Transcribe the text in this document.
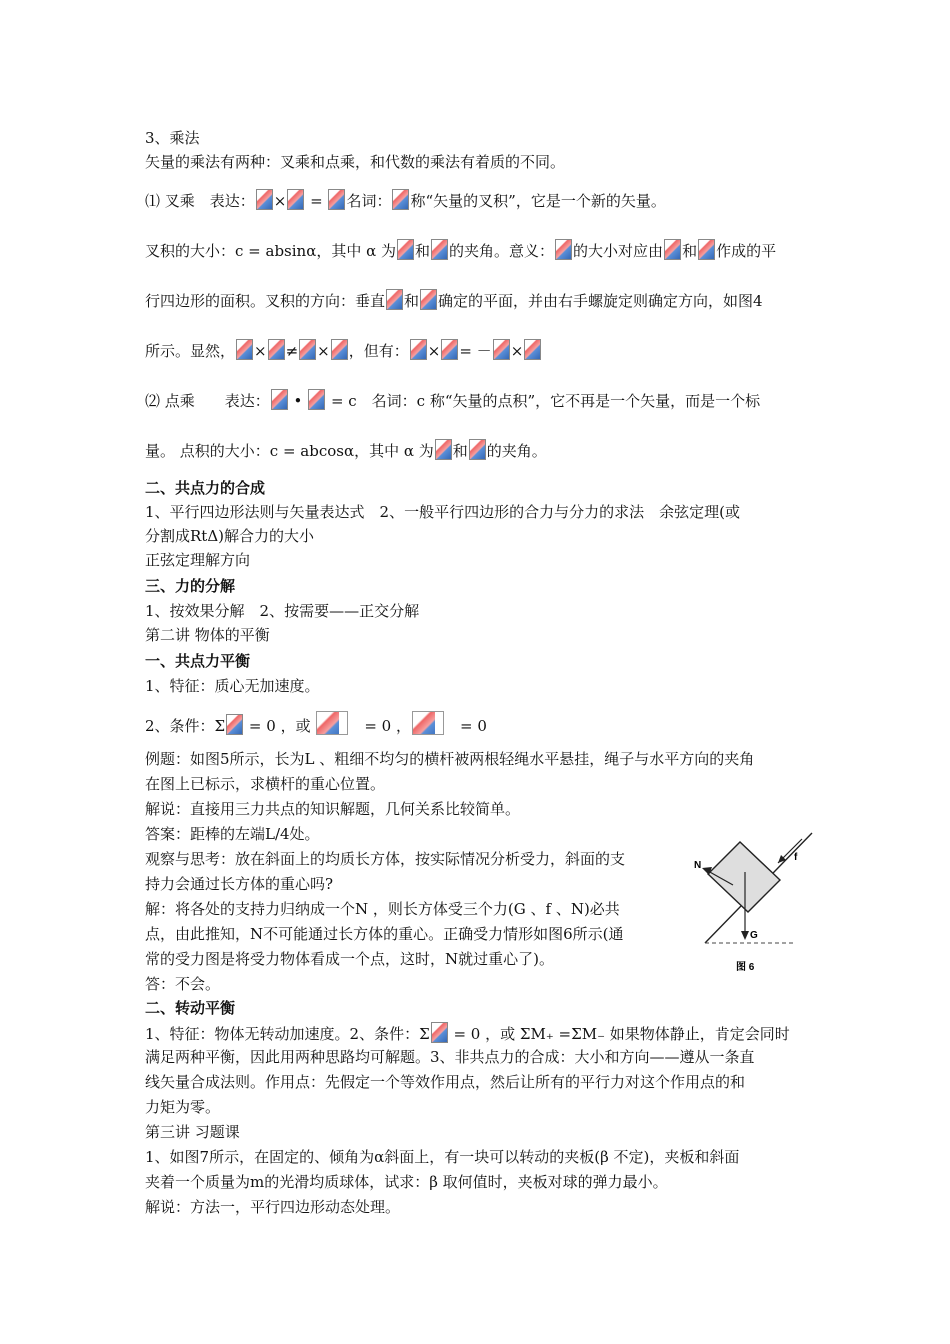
3、乘法
矢量的乘法有两种：叉乘和点乘，和代数的乘法有着质的不同。
⑴ 叉乘　表达： × = 名词： 称“矢量的叉积”，它是一个新的矢量。
叉积的大小：c = absinα，其中 α 为 和 的夹角。意义： 的大小对应由 和 作成的平
行四边形的面积。叉积的方向：垂直 和 确定的平面，并由右手螺旋定则确定方向，如图4
所示。显然， × ≠ × ，但有： × = － ×
⑵ 点乘　　表达： •  = c　名词：c 称“矢量的点积”，它不再是一个矢量，而是一个标
量。 点积的大小：c = abcosα，其中 α 为 和 的夹角。
二、共点力的合成
1、平行四边形法则与矢量表达式　2、一般平行四边形的合力与分力的求法　余弦定理(或
分割成RtΔ)解合力的大小
正弦定理解方向
三、力的分解
1、按效果分解　2、按需要——正交分解
第二讲 物体的平衡
一、共点力平衡
1、特征：质心无加速度。
2、条件：Σ = 0 ，或 　= 0 ，　= 0
例题：如图5所示，长为L 、粗细不均匀的横杆被两根轻绳水平悬挂，绳子与水平方向的夹角
在图上已标示，求横杆的重心位置。
解说：直接用三力共点的知识解题，几何关系比较简单。
答案：距棒的左端L/4处。
观察与思考：放在斜面上的均质长方体，按实际情况分析受力，斜面的支
持力会通过长方体的重心吗?
解：将各处的支持力归纳成一个N ，则长方体受三个力(G 、f 、N)必共
点，由此推知，N不可能通过长方体的重心。正确受力情形如图6所示(通
常的受力图是将受力物体看成一个点，这时，N就过重心了)。
答：不会。
二、转动平衡
1、特征：物体无转动加速度。2、条件：Σ = 0 ，或 ΣM₊ =ΣM₋ 如果物体静止，肯定会同时
满足两种平衡，因此用两种思路均可解题。3、非共点力的合成：大小和方向——遵从一条直
线矢量合成法则。作用点：先假定一个等效作用点，然后让所有的平行力对这个作用点的和
力矩为零。
第三讲 习题课
1、如图7所示，在固定的、倾角为α斜面上，有一块可以转动的夹板(β 不定)，夹板和斜面
夹着一个质量为m的光滑均质球体，试求：β 取何值时，夹板对球的弹力最小。
解说：方法一，平行四边形动态处理。
N
f
G
图 6
